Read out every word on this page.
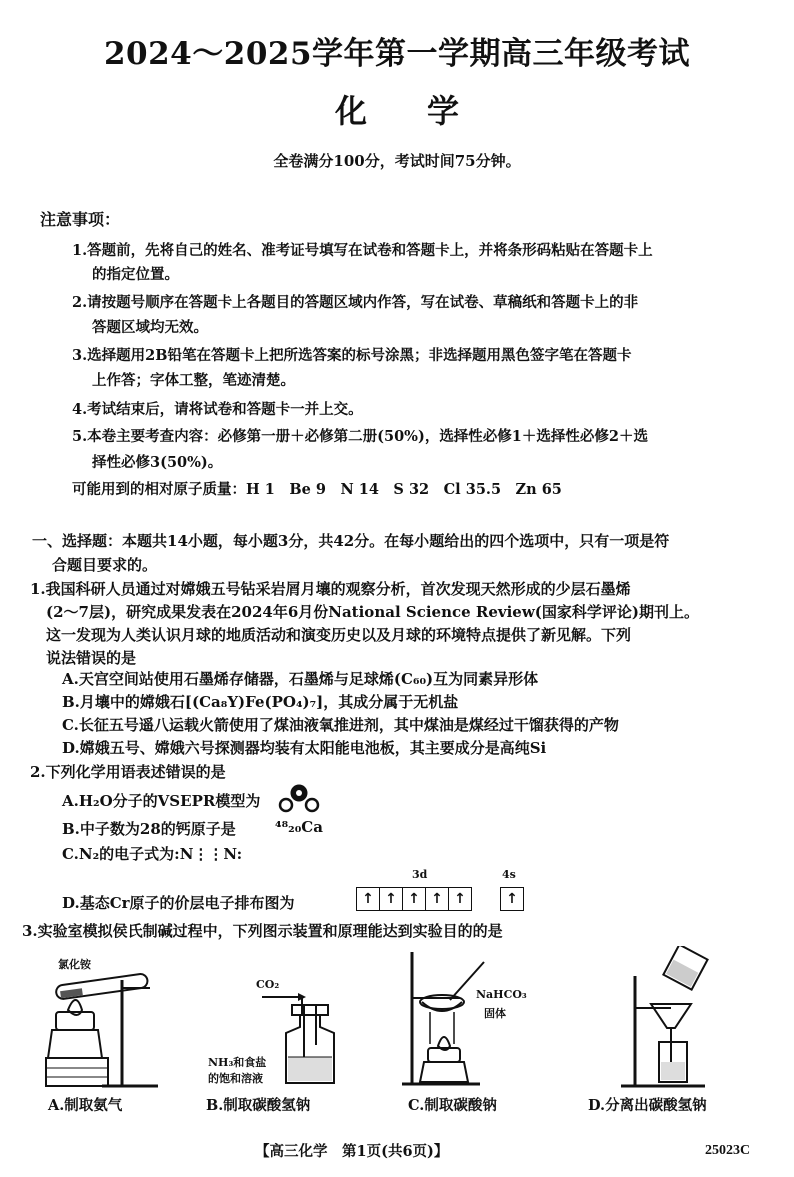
2024～2025学年第一学期高三年级考试
化学
全卷满分100分，考试时间75分钟。
注意事项：
1.答题前，先将自己的姓名、准考证号填写在试卷和答题卡上，并将条形码粘贴在答题卡上
的指定位置。
2.请按题号顺序在答题卡上各题目的答题区域内作答，写在试卷、草稿纸和答题卡上的非
答题区域均无效。
3.选择题用2B铅笔在答题卡上把所选答案的标号涂黑；非选择题用黑色签字笔在答题卡
上作答；字体工整，笔迹清楚。
4.考试结束后，请将试卷和答题卡一并上交。
5.本卷主要考查内容：必修第一册＋必修第二册(50%)，选择性必修1＋选择性必修2＋选
择性必修3(50%)。
可能用到的相对原子质量：H 1　Be 9　N 14　S 32　Cl 35.5　Zn 65
一、选择题：本题共14小题，每小题3分，共42分。在每小题给出的四个选项中，只有一项是符
合题目要求的。
1.我国科研人员通过对嫦娥五号钻采岩屑月壤的观察分析，首次发现天然形成的少层石墨烯
(2～7层)，研究成果发表在2024年6月份National Science Review(国家科学评论)期刊上。
这一发现为人类认识月球的地质活动和演变历史以及月球的环境特点提供了新见解。下列
说法错误的是
A.天宫空间站使用石墨烯存储器，石墨烯与足球烯(C₆₀)互为同素异形体
B.月壤中的嫦娥石[(Ca₈Y)Fe(PO₄)₇]，其成分属于无机盐
C.长征五号遥八运载火箭使用了煤油液氧推进剂，其中煤油是煤经过干馏获得的产物
D.嫦娥五号、嫦娥六号探测器均装有太阳能电池板，其主要成分是高纯Si
2.下列化学用语表述错误的是
A.H₂O分子的VSEPR模型为
B.中子数为28的钙原子是	⁴⁸₂₀Ca
C.N₂的电子式为:N⋮⋮N:
3d	4s
D.基态Cr原子的价层电子排布图为	↑ ↑ ↑ ↑ ↑	↑
3.实验室模拟侯氏制碱过程中，下列图示装置和原理能达到实验目的的是
氯化铵
CO₂
NH₃和食盐
的饱和溶液
NaHCO₃
固体
A.制取氨气	B.制取碳酸氢钠	C.制取碳酸钠	D.分离出碳酸氢钠
【高三化学　第1页(共6页)】	25023C
